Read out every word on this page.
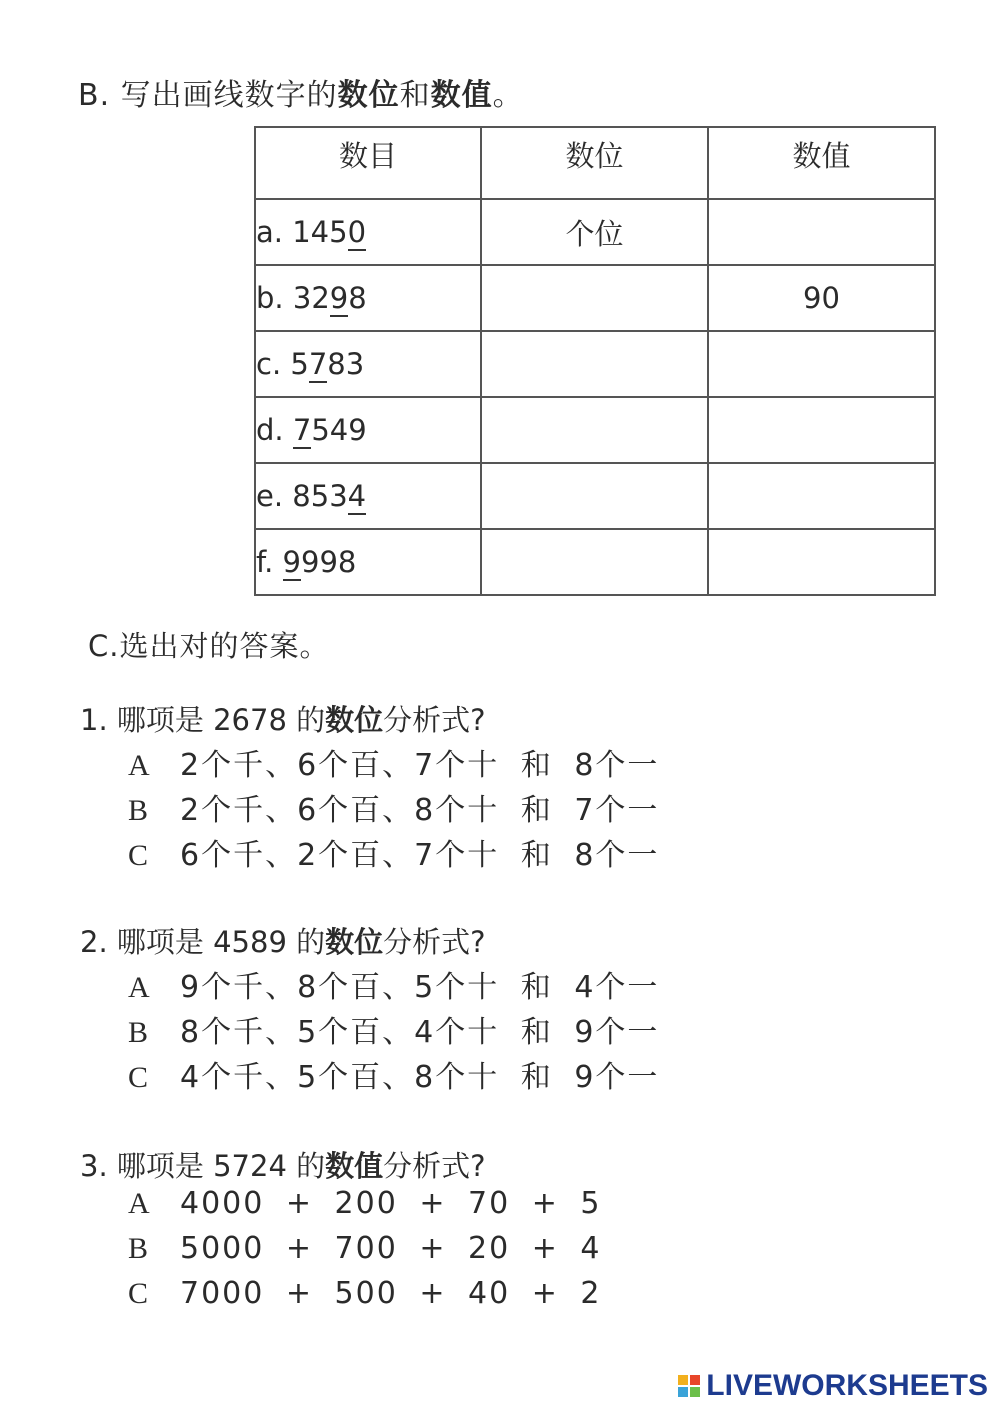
B. 写出画线数字的数位和数值。
数目	数位	数值
a. 1450	个位	
b. 3298		90
c. 5783		
d. 7549		
e. 8534		
f. 9998		
C.选出对的答案。
1. 哪项是 2678 的数位分析式?
A 2个千、6个百、7个十 和 8个一
B 2个千、6个百、8个十 和 7个一
C 6个千、2个百、7个十 和 8个一
2. 哪项是 4589 的数位分析式?
A 9个千、8个百、5个十 和 4个一
B 8个千、5个百、4个十 和 9个一
C 4个千、5个百、8个十 和 9个一
3. 哪项是 5724 的数值分析式?
A 4000 + 200 + 70 + 5
B 5000 + 700 + 20 + 4
C 7000 + 500 + 40 + 2
LIVEWORKSHEETS
